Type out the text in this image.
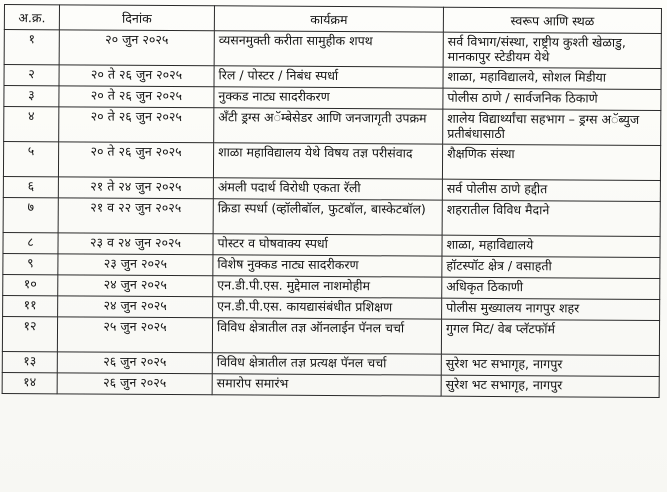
अ.क्र.	दिनांक	कार्यक्रम	स्वरूप आणि स्थळ
१	२० जुन २०२५	व्यसनमुक्ती करीता सामुहीक शपथ	सर्व विभाग/संस्था, राष्ट्रीय कुश्ती खेळाडु, मानकापुर स्टेडीयम येथे
२	२० ते २६ जुन २०२५	रिल / पोस्टर / निबंध स्पर्धा	शाळा, महाविद्यालये, सोशल मिडीया
३	२० ते २६ जुन २०२५	नुक्कड नाट्य सादरीकरण	पोलीस ठाणे / सार्वजनिक ठिकाणे
४	२० ते २६ जुन २०२५	अँटी ड्रग्स अॅम्बेसेडर आणि जनजागृती उपक्रम	शालेय विद्यार्थ्यांचा सहभाग – ड्रग्स अॅब्युज प्रतीबंधासाठी
५	२० ते २६ जुन २०२५	शाळा महाविद्यालय येथे विषय तज्ञ परीसंवाद	शैक्षणिक संस्था
६	२१ ते २४ जुन २०२५	अंमली पदार्थ विरोधी एकता रॅली	सर्व पोलीस ठाणे हद्दीत
७	२१ व २२ जुन २०२५	क्रिडा स्पर्धा (व्हॉलीबॉल, फुटबॉल, बास्केटबॉल)	शहरातील विविध मैदाने
८	२३ व २४ जुन २०२५	पोस्टर व घोषवाक्य स्पर्धा	शाळा, महाविद्यालये
९	२३ जुन २०२५	विशेष नुक्कड नाट्य सादरीकरण	हॉटस्पॉट क्षेत्र / वसाहती
१०	२४ जुन २०२५	एन.डी.पी.एस. मुद्देमाल नाशमोहीम	अधिकृत ठिकाणी
११	२४ जुन २०२५	एन.डी.पी.एस. कायद्यासंबंधीत प्रशिक्षण	पोलीस मुख्यालय नागपुर शहर
१२	२५ जुन २०२५	विविध क्षेत्रातील तज्ञ ऑनलाईन पॅनल चर्चा	गुगल मिट/ वेब प्लॅटफॉर्म
१३	२६ जुन २०२५	विविध क्षेत्रातील तज्ञ प्रत्यक्ष पॅनल चर्चा	सुरेश भट सभागृह, नागपुर
१४	२६ जुन २०२५	समारोप समारंभ	सुरेश भट सभागृह, नागपुर
